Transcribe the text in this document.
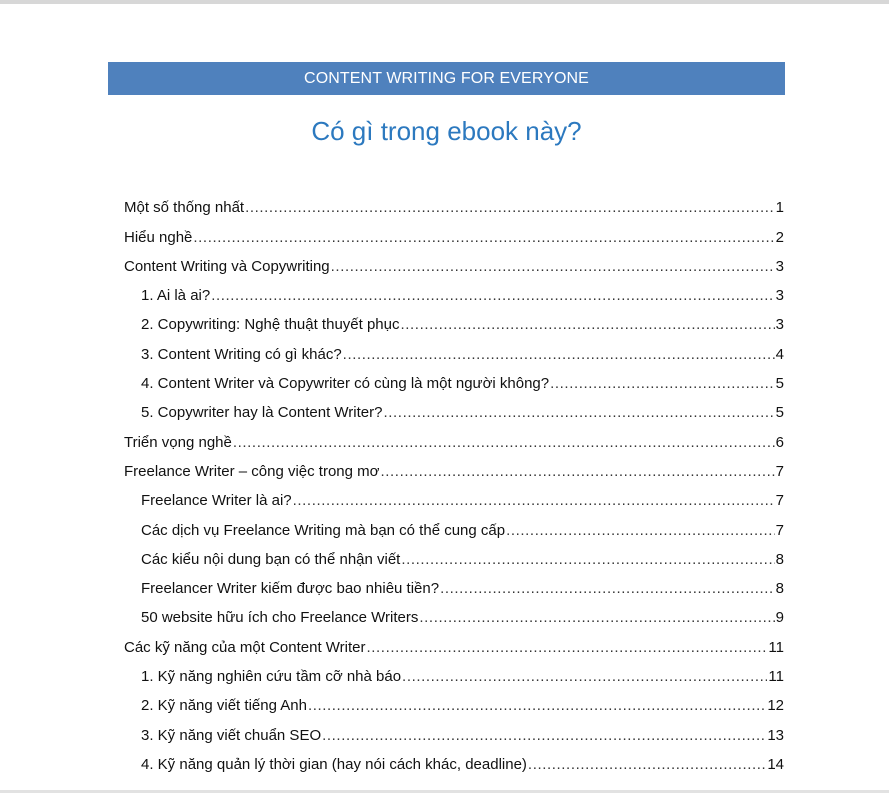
CONTENT WRITING FOR EVERYONE
Có gì trong ebook này?
Một số thống nhất .....	1
Hiểu nghề .....	2
Content Writing và Copywriting .....	3
1. Ai là ai? .....	3
2. Copywriting: Nghệ thuật thuyết phục .....	3
3. Content Writing có gì khác? .....	4
4. Content Writer và Copywriter có cùng là một người không? .....	5
5. Copywriter hay là Content Writer? .....	5
Triển vọng nghề .....	6
Freelance Writer – công việc trong mơ .....	7
Freelance Writer là ai? .....	7
Các dịch vụ Freelance Writing mà bạn có thể cung cấp .....	7
Các kiểu nội dung bạn có thể nhận viết .....	8
Freelancer Writer kiếm được bao nhiêu tiền? .....	8
50 website hữu ích cho Freelance Writers .....	9
Các kỹ năng của một Content Writer .....	11
1. Kỹ năng nghiên cứu tầm cỡ nhà báo .....	11
2. Kỹ năng viết tiếng Anh .....	12
3. Kỹ năng viết chuẩn SEO .....	13
4. Kỹ năng quản lý thời gian (hay nói cách khác, deadline) .....	14
